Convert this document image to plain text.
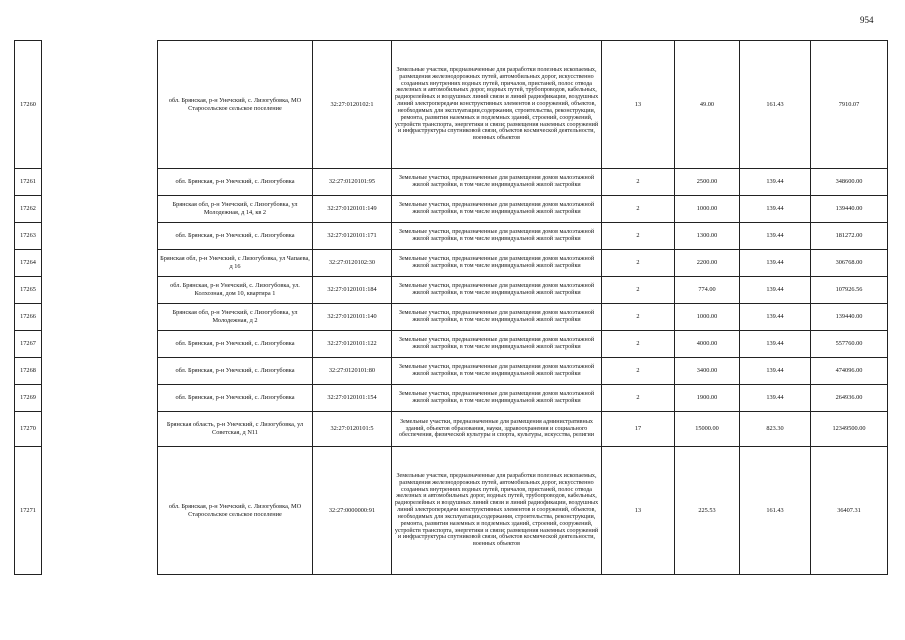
954
17260		обл. Брянская, р-н Унечский, с. Лизогубовка, МО Старосельское сельское поселение	32:27:0120102:1	Земельные участки, предназначенные для разработки полезных ископаемых, размещения железнодорожных путей, автомобильных дорог, искусственно созданных внутренних водных путей, причалов, пристаней, полос отвода железных и автомобильных дорог, водных путей, трубопроводов, кабельных, радиорелейных и воздушных линий связи и линий радиофикации, воздушных линий электропередачи конструктивных элементов и сооружений, объектов, необходимых для эксплуатации,содержания, строительства, реконструкции, ремонта, развития наземных и подземных зданий, строений, сооружений, устройств транспорта, энергетики и связи; размещения наземных сооружений и инфраструктуры спутниковой связи, объектов космической деятельности, военных объектов	13	49.00	161.43	7910.07
17261		обл. Брянская, р-н Унечский, с. Лизогубовка	32:27:0120101:95	Земельные участки, предназначенные для размещения домов малоэтажной жилой застройки, в том числе индивидуальной жилой застройки	2	2500.00	139.44	348600.00
17262		Брянская обл, р-н Унечский, с Лизогубовка, ул Молодежная, д 14, кв 2	32:27:0120101:149	Земельные участки, предназначенные для размещения домов малоэтажной жилой застройки, в том числе индивидуальной жилой застройки	2	1000.00	139.44	139440.00
17263		обл. Брянская, р-н Унечский, с. Лизогубовка	32:27:0120101:171	Земельные участки, предназначенные для размещения домов малоэтажной жилой застройки, в том числе индивидуальной жилой застройки	2	1300.00	139.44	181272.00
17264		Брянская обл, р-н Унечский, с Лизогубовка, ул Чапаева, д 16	32:27:0120102:30	Земельные участки, предназначенные для размещения домов малоэтажной жилой застройки, в том числе индивидуальной жилой застройки	2	2200.00	139.44	306768.00
17265		обл. Брянская, р-н Унечский, с. Лизогубовка, ул. Колхозная, дом 10, квартира 1	32:27:0120101:184	Земельные участки, предназначенные для размещения домов малоэтажной жилой застройки, в том числе индивидуальной жилой застройки	2	774.00	139.44	107926.56
17266		Брянская обл, р-н Унечский, с Лизогубовка, ул Молодежная, д 2	32:27:0120101:140	Земельные участки, предназначенные для размещения домов малоэтажной жилой застройки, в том числе индивидуальной жилой застройки	2	1000.00	139.44	139440.00
17267		обл. Брянская, р-н Унечский, с. Лизогубовка	32:27:0120101:122	Земельные участки, предназначенные для размещения домов малоэтажной жилой застройки, в том числе индивидуальной жилой застройки	2	4000.00	139.44	557760.00
17268		обл. Брянская, р-н Унечский, с. Лизогубовка	32:27:0120101:80	Земельные участки, предназначенные для размещения домов малоэтажной жилой застройки, в том числе индивидуальной жилой застройки	2	3400.00	139.44	474096.00
17269		обл. Брянская, р-н Унечский, с. Лизогубовка	32:27:0120101:154	Земельные участки, предназначенные для размещения домов малоэтажной жилой застройки, в том числе индивидуальной жилой застройки	2	1900.00	139.44	264936.00
17270		Брянская область, р-н Унечский, с Лизогубовка, ул Советская, д N11	32:27:0120101:5	Земельные участки, предназначенные для размещения административных зданий, объектов образования, науки, здравоохранения и социального обеспечения, физической культуры и спорта, культуры, искусства, религии	17	15000.00	823.30	12349500.00
17271		обл. Брянская, р-н Унечский, с. Лизогубовка, МО Старосельское сельское поселение	32:27:0000000:91	Земельные участки, предназначенные для разработки полезных ископаемых, размещения железнодорожных путей, автомобильных дорог, искусственно созданных внутренних водных путей, причалов, пристаней, полос отвода железных и автомобильных дорог, водных путей, трубопроводов, кабельных, радиорелейных и воздушных линий связи и линий радиофикации, воздушных линий электропередачи конструктивных элементов и сооружений, объектов, необходимых для эксплуатации,содержания, строительства, реконструкции, ремонта, развития наземных и подземных зданий, строений, сооружений, устройств транспорта, энергетики и связи; размещения наземных сооружений и инфраструктуры спутниковой связи, объектов космической деятельности, военных объектов	13	225.53	161.43	36407.31
